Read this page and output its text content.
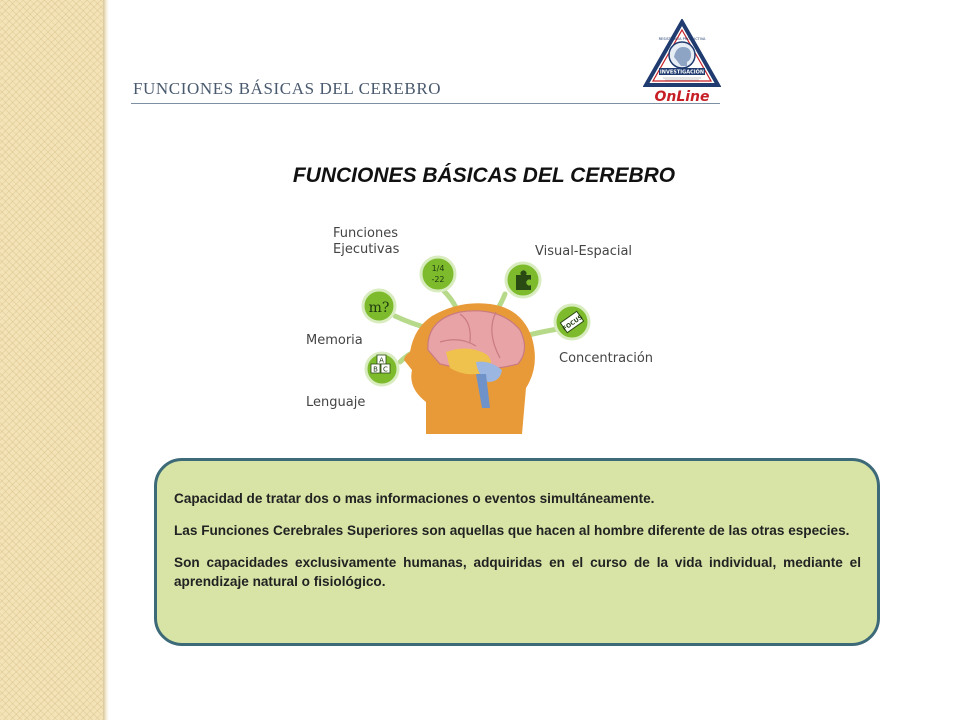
FUNCIONES BÁSICAS DEL CEREBRO
RESISTENCIA PRODUCTIVA
INVESTIGACIÓN
OnLine
FUNCIONES BÁSICAS DEL CEREBRO
1/4
-22
m?
FOCUS
A
B C
Funciones
Ejecutivas	Visual-Espacial
Memoria
Concentración
Lenguaje

Capacidad de tratar dos o mas informaciones o eventos simultáneamente.

Las Funciones Cerebrales Superiores son aquellas que hacen al hombre diferente de las otras especies.

Son capacidades exclusivamente humanas, adquiridas en el curso de la vida individual, mediante el aprendizaje natural o fisiológico.
